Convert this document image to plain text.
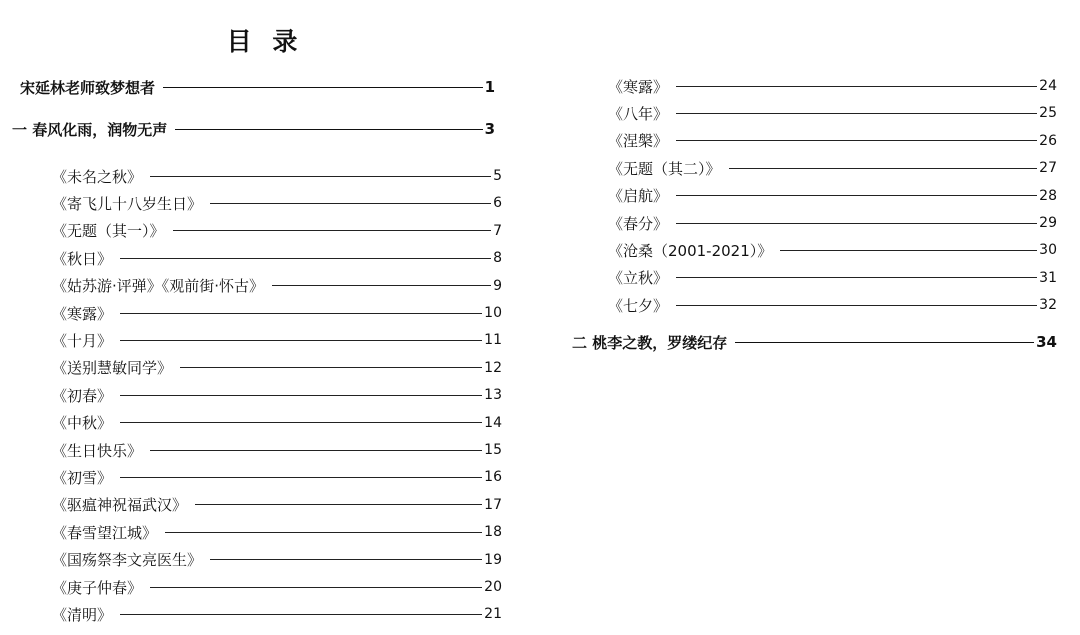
目 录
宋延林老师致梦想者	1
一 春风化雨，润物无声	3
《未名之秋》	5
《寄飞儿十八岁生日》	6
《无题（其一）》	7
《秋日》	8
《姑苏游·评弹》《观前街·怀古》	9
《寒露》	10
《十月》	11
《送别慧敏同学》	12
《初春》	13
《中秋》	14
《生日快乐》	15
《初雪》	16
《驱瘟神祝福武汉》	17
《春雪望江城》	18
《国殇祭李文亮医生》	19
《庚子仲春》	20
《清明》	21
《寒露》	24
《八年》	25
《涅槃》	26
《无题（其二）》	27
《启航》	28
《春分》	29
《沧桑（2001-2021）》	30
《立秋》	31
《七夕》	32
二 桃李之教，罗缕纪存	34
